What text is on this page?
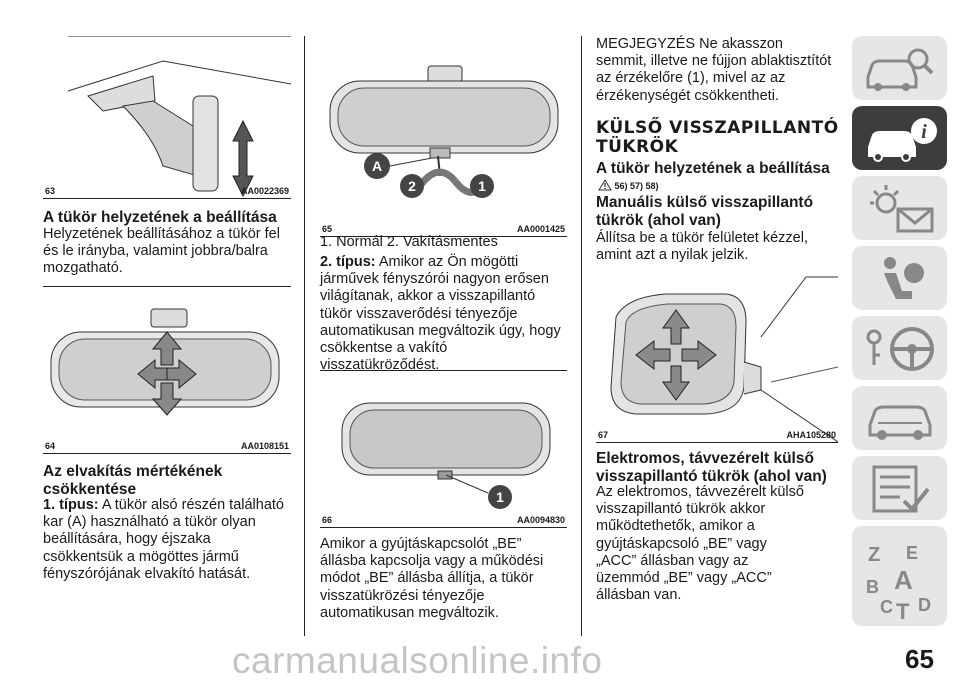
63	AA0022369
A tükör helyzetének a beállítása
Helyzetének beállításához a tükör fel és le irányba, valamint jobbra/balra mozgatható.
64	AA0108151
Az elvakítás mértékének csökkentése
1. típus: A tükör alsó részén található kar (A) használható a tükör olyan beállítására, hogy éjszaka csökkentsük a mögöttes jármű fényszórójának elvakító hatását.
A
2	1
65	AA0001425
1. Normál 2. Vakításmentes
2. típus: Amikor az Ön mögötti járművek fényszórói nagyon erősen világítanak, akkor a visszapillantó tükör visszaverődési tényezője automatikusan megváltozik úgy, hogy csökkentse a vakító visszatükröződést.
1
66	AA0094830
Amikor a gyújtáskapcsolót „BE” állásba kapcsolja vagy a működési módot „BE” állásba állítja, a tükör visszatükrözési tényezője automatikusan megváltozik.
MEGJEGYZÉS Ne akasszon semmit, illetve ne fújjon ablaktisztítót az érzékelőre (1), mivel az az érzékenységét csökkentheti.
KÜLSŐ VISSZAPILLANTÓ TÜKRÖK
A tükör helyzetének a beállítása
! 56) 57) 58)
Manuális külső visszapillantó tükrök (ahol van)
Állítsa be a tükör felületet kézzel, amint azt a nyilak jelzik.
67	AHA105280
Elektromos, távvezérelt külső visszapillantó tükrök (ahol van)
Az elektromos, távvezérelt külső visszapillantó tükrök akkor működtethetők, amikor a gyújtáskapcsoló „BE” vagy „ACC” állásban vagy az üzemmód „BE” vagy „ACC” állásban van.
i
Z E
B A
C T D
65
carmanualsonline.info
